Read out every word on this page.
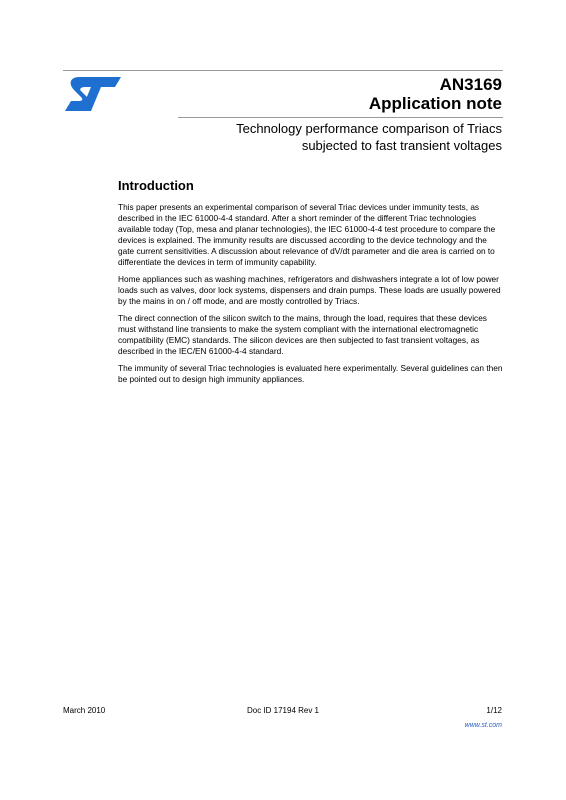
AN3169
Application note
Technology performance comparison of Triacs
subjected to fast transient voltages
Introduction

This paper presents an experimental comparison of several Triac devices under immunity tests, as described in the IEC 61000-4-4 standard. After a short reminder of the different Triac technologies available today (Top, mesa and planar technologies), the IEC 61000-4-4 test procedure to compare the devices is explained. The immunity results are discussed according to the device technology and the gate current sensitivities. A discussion about relevance of dV/dt parameter and die area is carried on to differentiate the devices in term of immunity capability.

Home appliances such as washing machines, refrigerators and dishwashers integrate a lot of low power loads such as valves, door lock systems, dispensers and drain pumps. These loads are usually powered by the mains in on / off mode, and are mostly controlled by Triacs.

The direct connection of the silicon switch to the mains, through the load, requires that these devices must withstand line transients to make the system compliant with the international electromagnetic compatibility (EMC) standards. The silicon devices are then subjected to fast transient voltages, as described in the IEC/EN 61000-4-4 standard.

The immunity of several Triac technologies is evaluated here experimentally. Several guidelines can then be pointed out to design high immunity appliances.

March 2010	Doc ID 17194 Rev 1	1/12
www.st.com
